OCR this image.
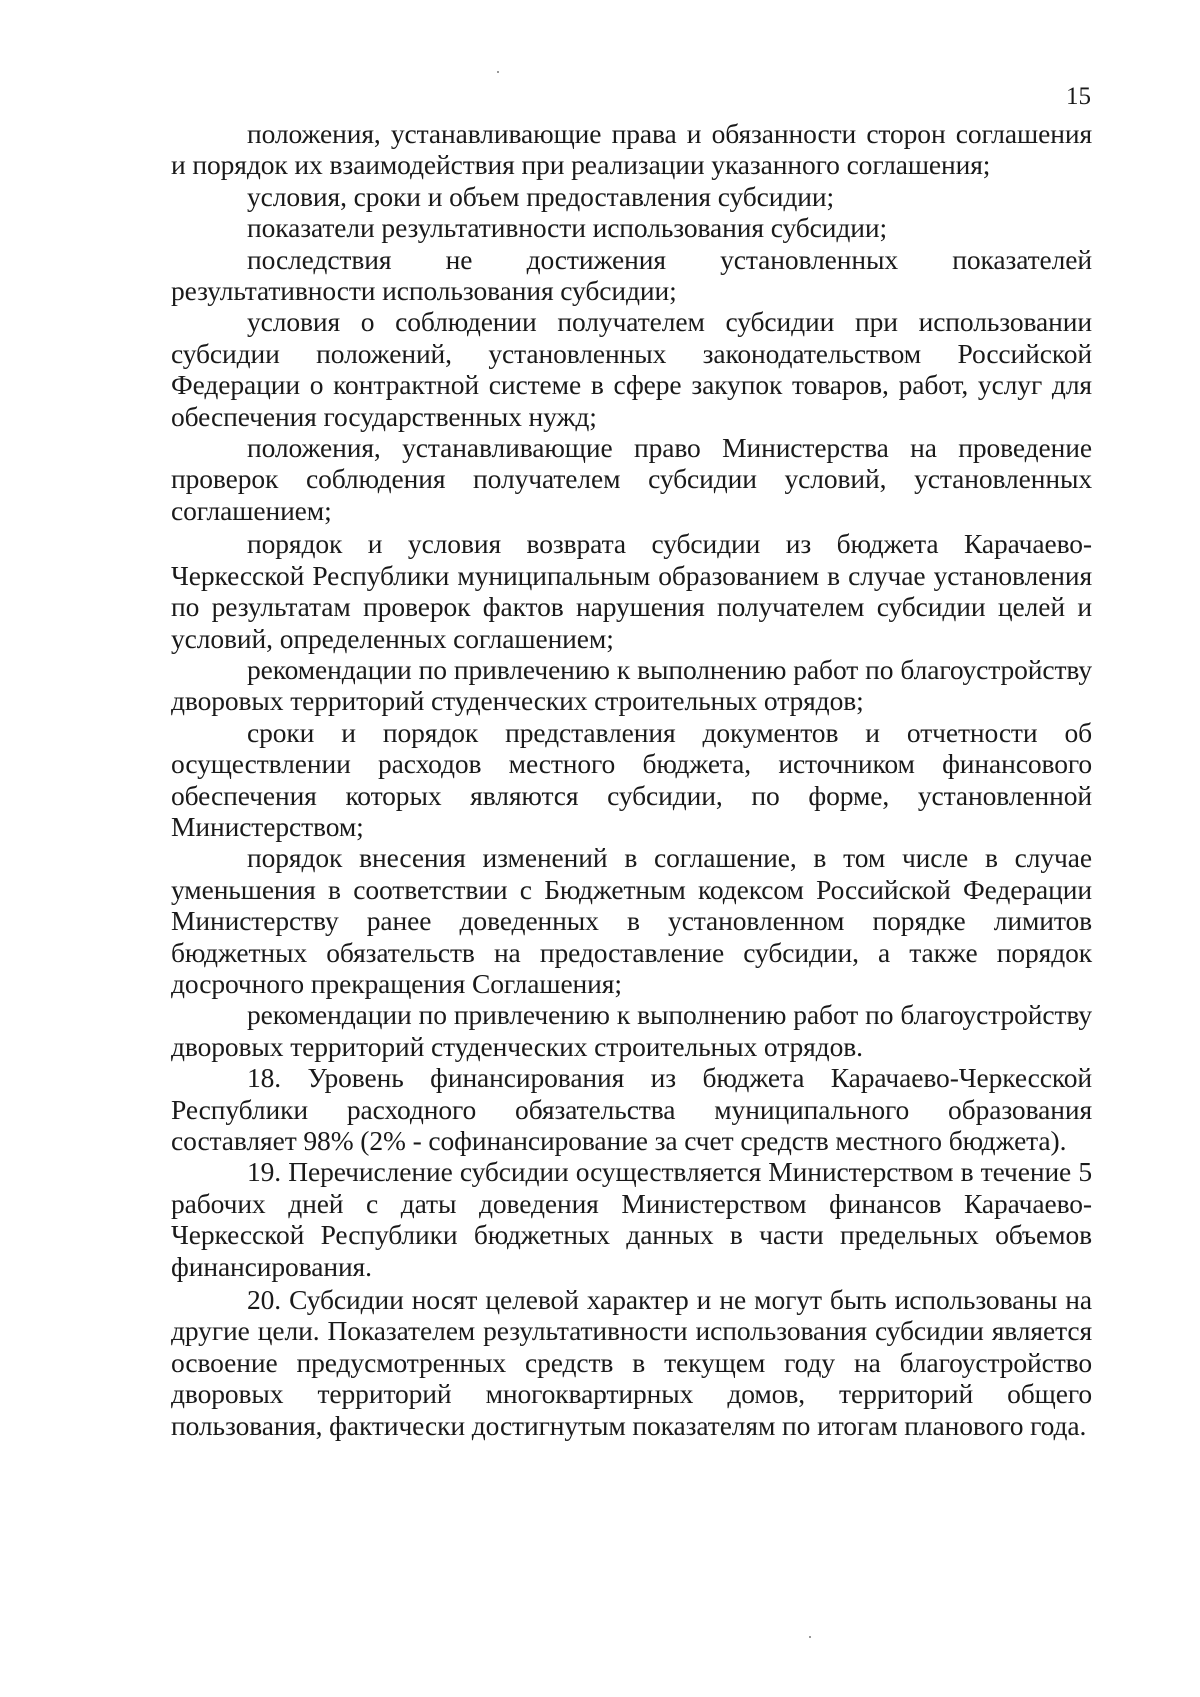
15

положения, устанавливающие права и обязанности сторон соглашения и порядок их взаимодействия при реализации указанного соглашения;

условия, сроки и объем предоставления субсидии;

показатели результативности использования субсидии;

последствия не достижения установленных показателей результативности использования субсидии;

условия о соблюдении получателем субсидии при использовании субсидии положений, установленных законодательством Российской Федерации о контрактной системе в сфере закупок товаров, работ, услуг для обеспечения государственных нужд;

положения, устанавливающие право Министерства на проведение проверок соблюдения получателем субсидии условий, установленных соглашением;

порядок и условия возврата субсидии из бюджета Карачаево-Черкесской Республики муниципальным образованием в случае установления по результатам проверок фактов нарушения получателем субсидии целей и условий, определенных соглашением;

рекомендации по привлечению к выполнению работ по благоустройству дворовых территорий студенческих строительных отрядов;

сроки и порядок представления документов и отчетности об осуществлении расходов местного бюджета, источником финансового обеспечения которых являются субсидии, по форме, установленной Министерством;

порядок внесения изменений в соглашение, в том числе в случае уменьшения в соответствии с Бюджетным кодексом Российской Федерации Министерству ранее доведенных в установленном порядке лимитов бюджетных обязательств на предоставление субсидии, а также порядок досрочного прекращения Соглашения;

рекомендации по привлечению к выполнению работ по благоустройству дворовых территорий студенческих строительных отрядов.

18. Уровень финансирования из бюджета Карачаево-Черкесской Республики расходного обязательства муниципального образования составляет 98% (2% - софинансирование за счет средств местного бюджета).

19. Перечисление субсидии осуществляется Министерством в течение 5 рабочих дней с даты доведения Министерством финансов Карачаево-Черкесской Республики бюджетных данных в части предельных объемов финансирования.

20. Субсидии носят целевой характер и не могут быть использованы на другие цели. Показателем результативности использования субсидии является освоение предусмотренных средств в текущем году на благоустройство дворовых территорий многоквартирных домов, территорий общего пользования, фактически достигнутым показателям по итогам планового года.
